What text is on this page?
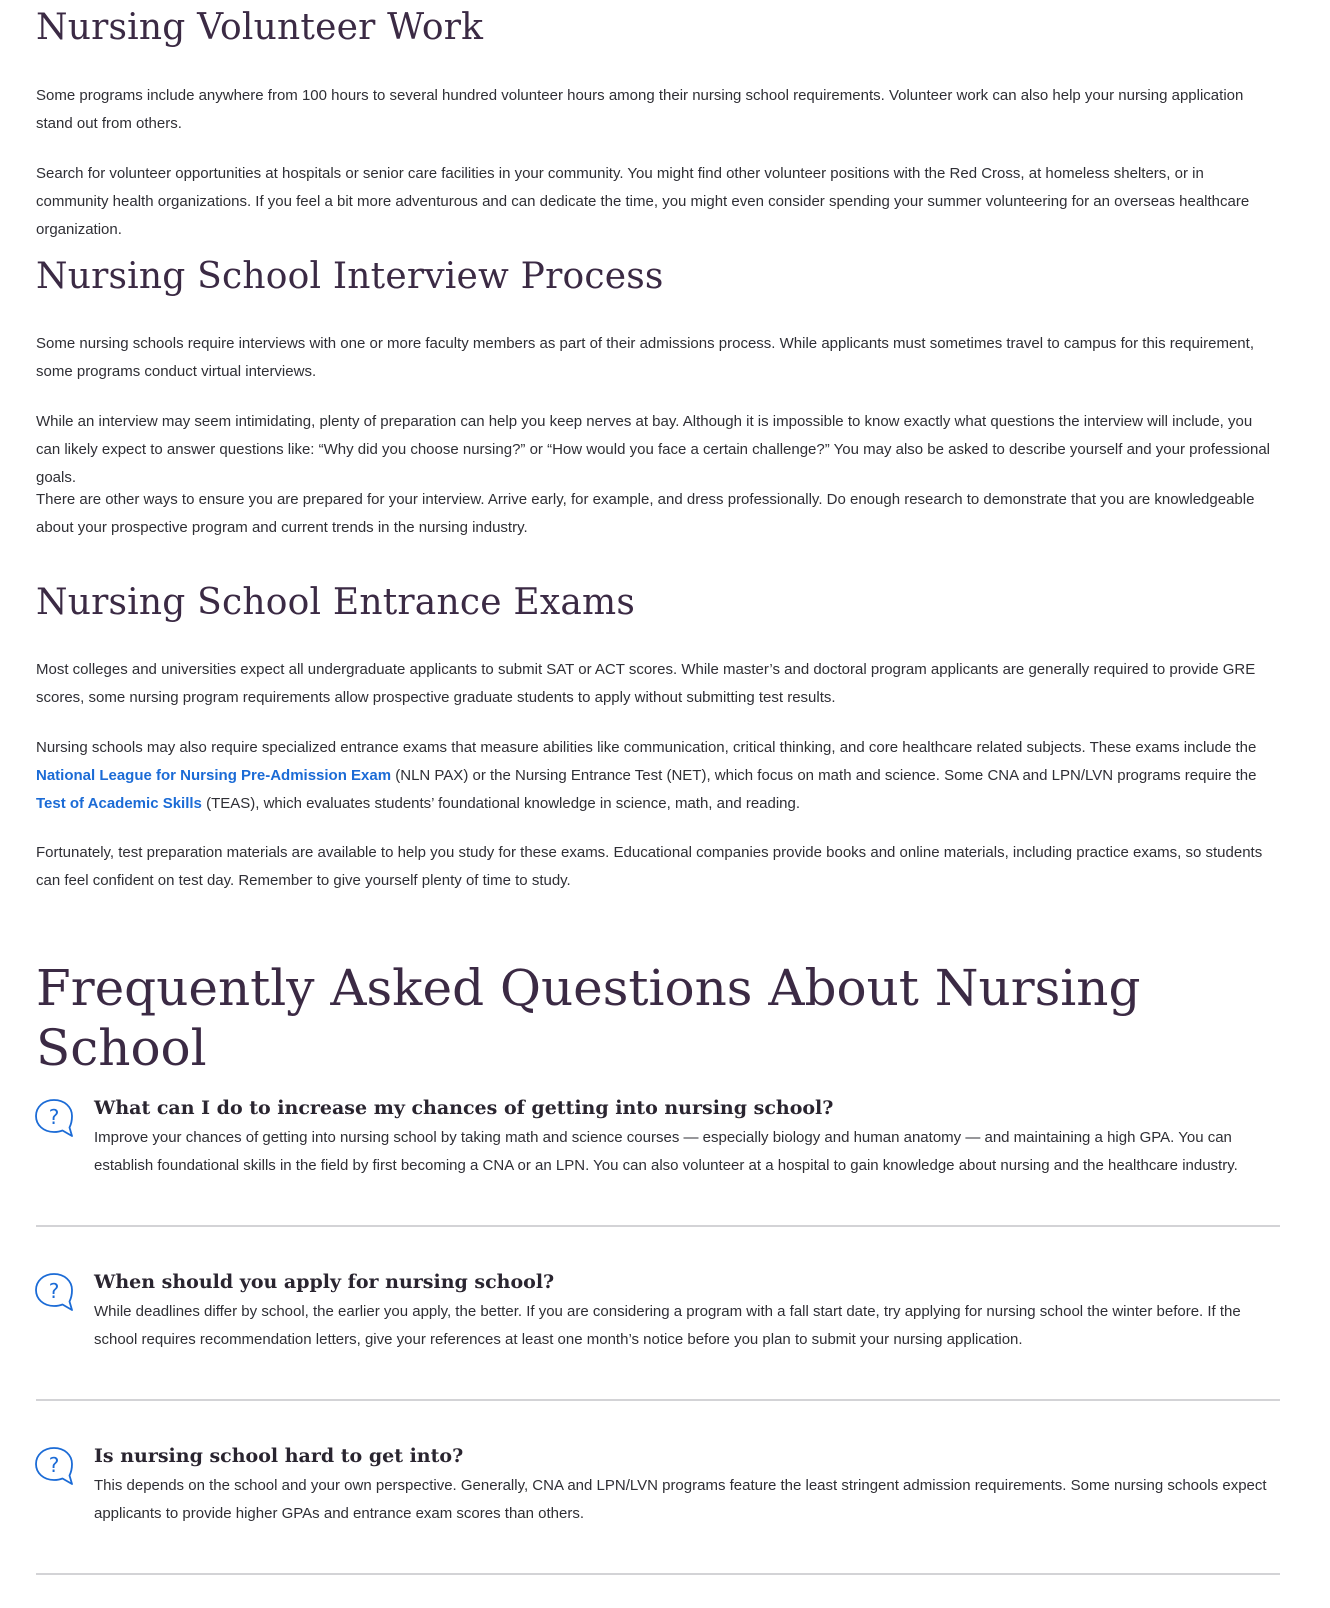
Nursing Volunteer Work

Some programs include anywhere from 100 hours to several hundred volunteer hours among their nursing school requirements. Volunteer work can also help your nursing application stand out from others.

Search for volunteer opportunities at hospitals or senior care facilities in your community. You might find other volunteer positions with the Red Cross, at homeless shelters, or in community health organizations. If you feel a bit more adventurous and can dedicate the time, you might even consider spending your summer volunteering for an overseas healthcare organization.

Nursing School Interview Process

Some nursing schools require interviews with one or more faculty members as part of their admissions process. While applicants must sometimes travel to campus for this requirement, some programs conduct virtual interviews.

While an interview may seem intimidating, plenty of preparation can help you keep nerves at bay. Although it is impossible to know exactly what questions the interview will include, you can likely expect to answer questions like: “Why did you choose nursing?” or “How would you face a certain challenge?” You may also be asked to describe yourself and your professional goals.

There are other ways to ensure you are prepared for your interview. Arrive early, for example, and dress professionally. Do enough research to demonstrate that you are knowledgeable about your prospective program and current trends in the nursing industry.

Nursing School Entrance Exams

Most colleges and universities expect all undergraduate applicants to submit SAT or ACT scores. While master’s and doctoral program applicants are generally required to provide GRE scores, some nursing program requirements allow prospective graduate students to apply without submitting test results.

Nursing schools may also require specialized entrance exams that measure abilities like communication, critical thinking, and core healthcare related subjects. These exams include the National League for Nursing Pre-Admission Exam (NLN PAX) or the Nursing Entrance Test (NET), which focus on math and science. Some CNA and LPN/LVN programs require the Test of Academic Skills (TEAS), which evaluates students’ foundational knowledge in science, math, and reading.

Fortunately, test preparation materials are available to help you study for these exams. Educational companies provide books and online materials, including practice exams, so students can feel confident on test day. Remember to give yourself plenty of time to study.

Frequently Asked Questions About Nursing School
? What can I do to increase my chances of getting into nursing school?

Improve your chances of getting into nursing school by taking math and science courses — especially biology and human anatomy — and maintaining a high GPA. You can establish foundational skills in the field by first becoming a CNA or an LPN. You can also volunteer at a hospital to gain knowledge about nursing and the healthcare industry.

? When should you apply for nursing school?

While deadlines differ by school, the earlier you apply, the better. If you are considering a program with a fall start date, try applying for nursing school the winter before. If the school requires recommendation letters, give your references at least one month’s notice before you plan to submit your nursing application.

? Is nursing school hard to get into?

This depends on the school and your own perspective. Generally, CNA and LPN/LVN programs feature the least stringent admission requirements. Some nursing schools expect applicants to provide higher GPAs and entrance exam scores than others.
